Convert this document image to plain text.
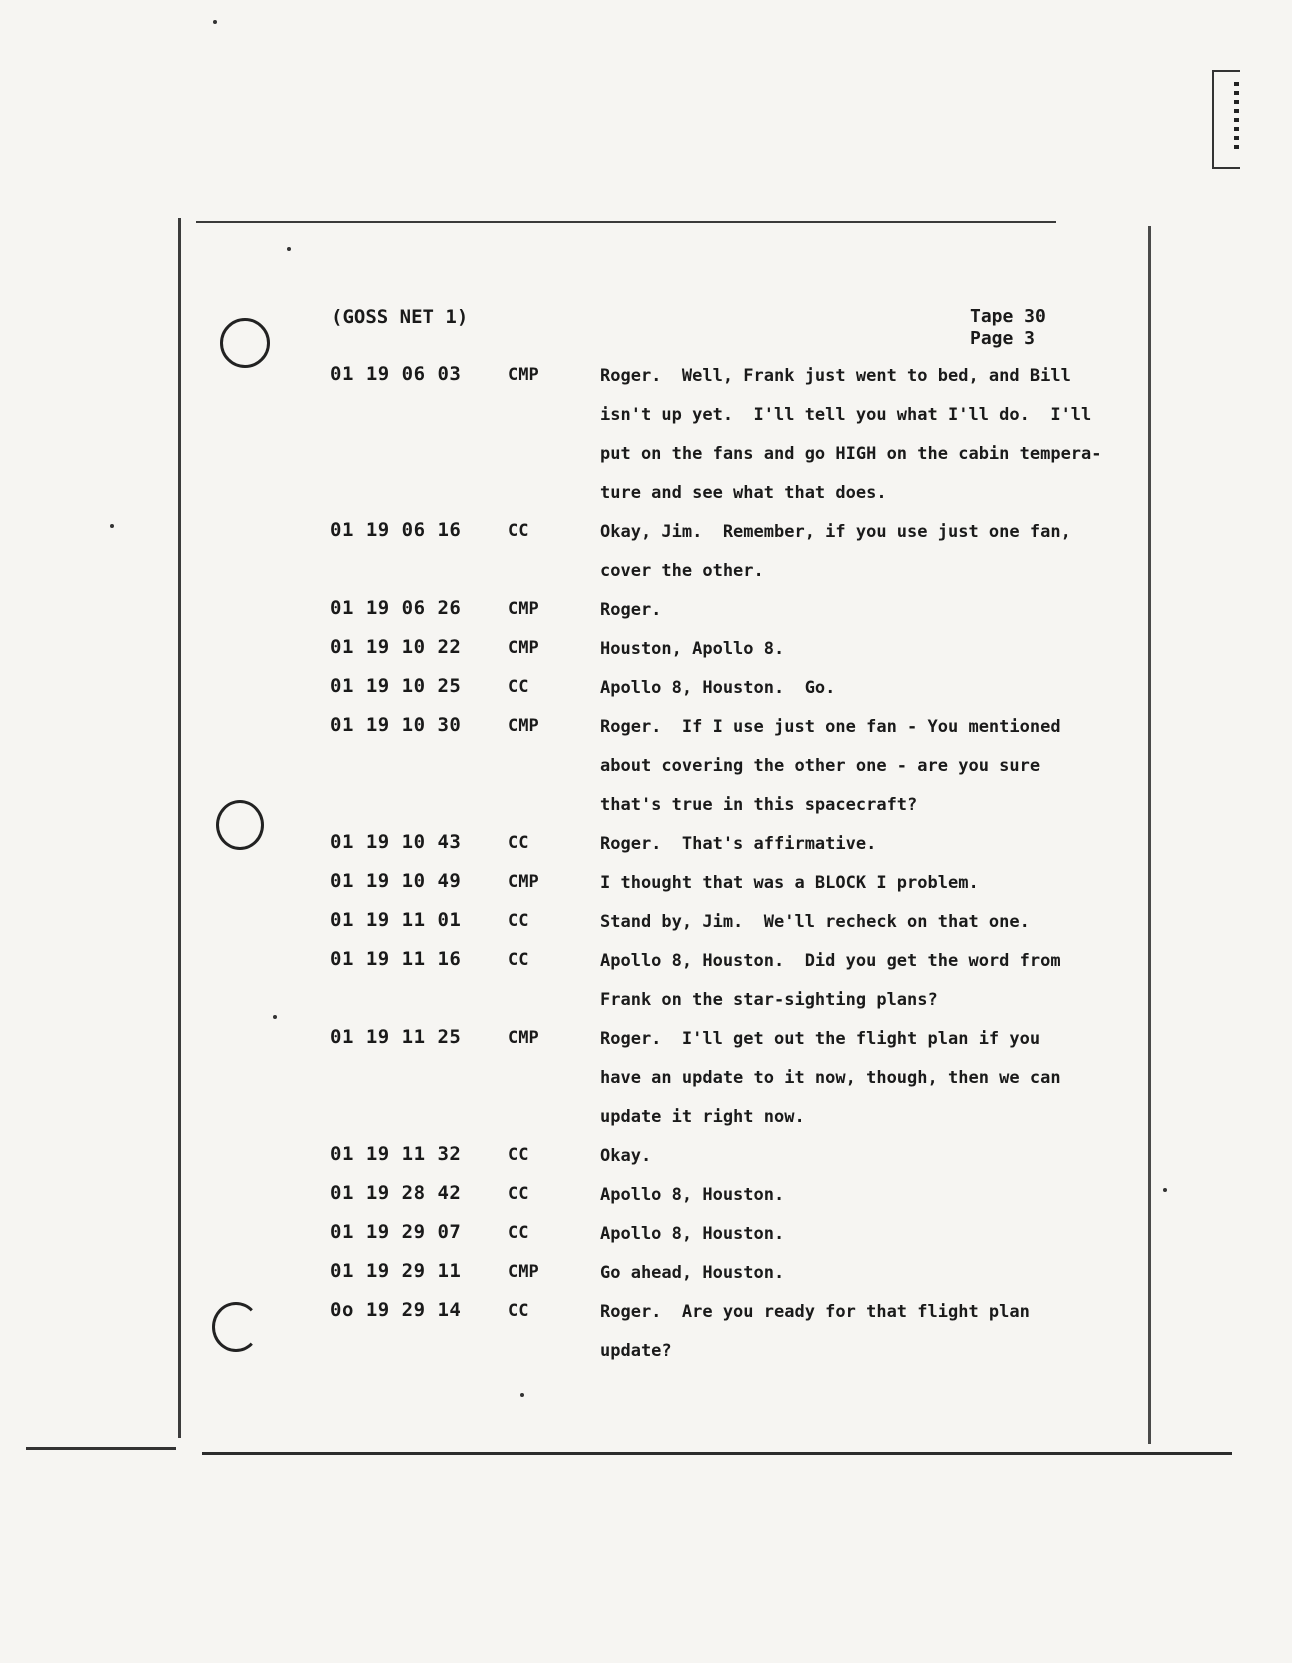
(GOSS NET 1)	Tape 30
Page 3
01 19 06 03	CMP	Roger.  Well, Frank just went to bed, and Bill
isn't up yet.  I'll tell you what I'll do.  I'll
put on the fans and go HIGH on the cabin tempera-
ture and see what that does.
01 19 06 16	CC	Okay, Jim.  Remember, if you use just one fan,
cover the other.
01 19 06 26	CMP	Roger.
01 19 10 22	CMP	Houston, Apollo 8.
01 19 10 25	CC	Apollo 8, Houston.  Go.
01 19 10 30	CMP	Roger.  If I use just one fan - You mentioned
about covering the other one - are you sure
that's true in this spacecraft?
01 19 10 43	CC	Roger.  That's affirmative.
01 19 10 49	CMP	I thought that was a BLOCK I problem.
01 19 11 01	CC	Stand by, Jim.  We'll recheck on that one.
01 19 11 16	CC	Apollo 8, Houston.  Did you get the word from
Frank on the star-sighting plans?
01 19 11 25	CMP	Roger.  I'll get out the flight plan if you
have an update to it now, though, then we can
update it right now.
01 19 11 32	CC	Okay.
01 19 28 42	CC	Apollo 8, Houston.
01 19 29 07	CC	Apollo 8, Houston.
01 19 29 11	CMP	Go ahead, Houston.
0o 19 29 14	CC	Roger.  Are you ready for that flight plan
update?
